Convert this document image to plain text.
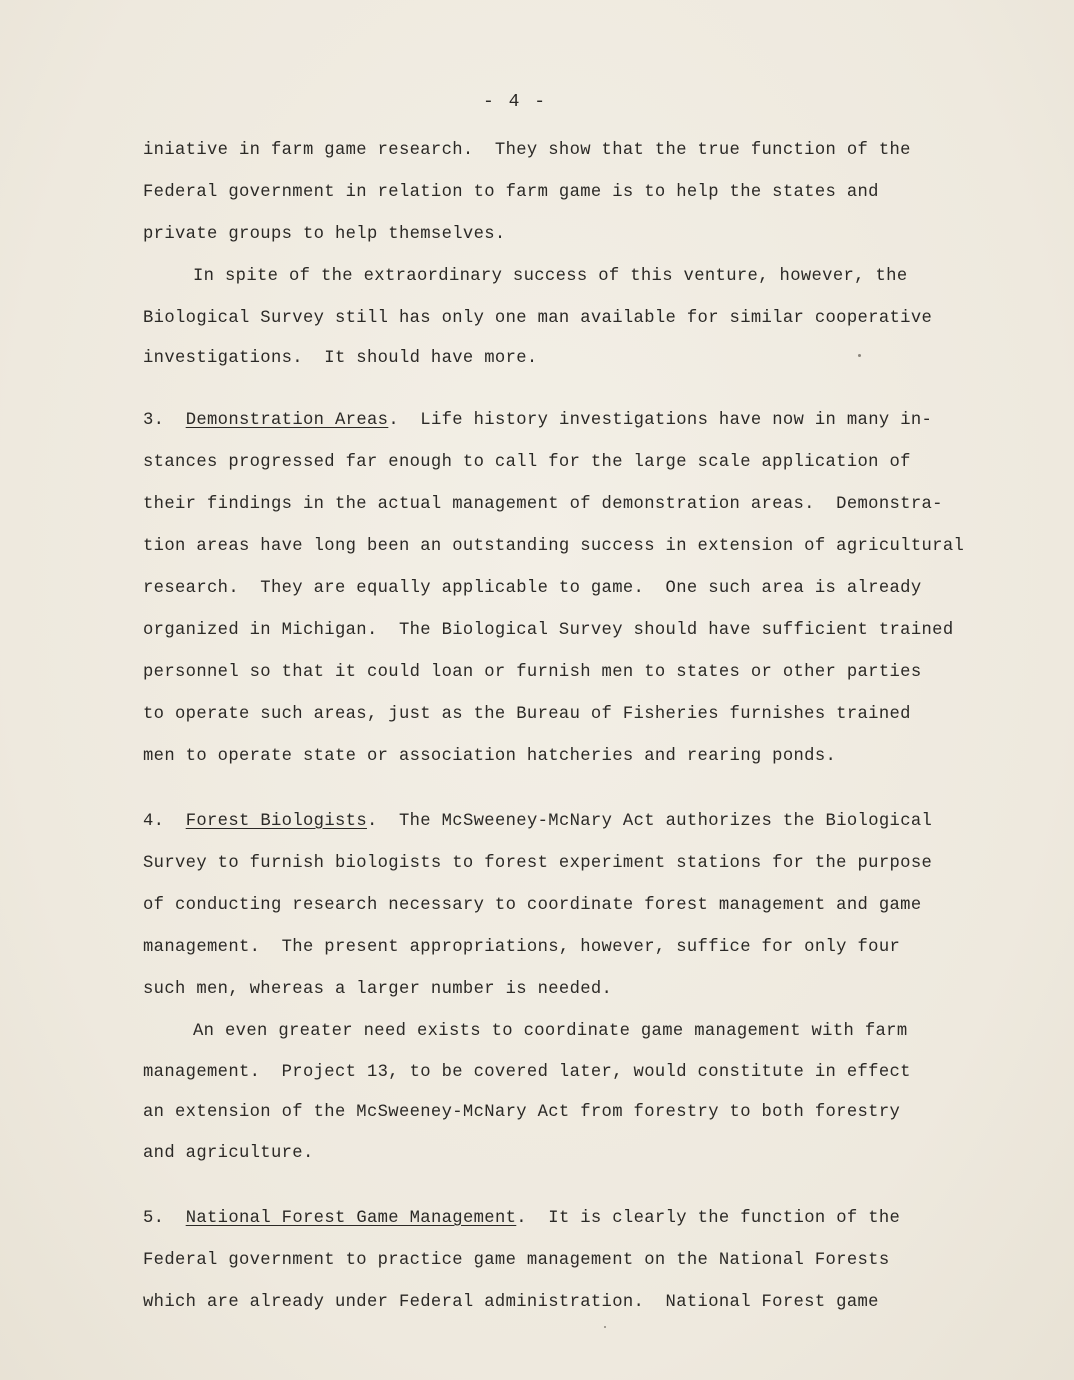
- 4 -
iniative in farm game research.  They show that the true function of the
Federal government in relation to farm game is to help the states and
private groups to help themselves.
In spite of the extraordinary success of this venture, however, the
Biological Survey still has only one man available for similar cooperative
investigations.  It should have more.
3. Demonstration Areas.  Life history investigations have now in many in-
stances progressed far enough to call for the large scale application of
their findings in the actual management of demonstration areas.  Demonstra-
tion areas have long been an outstanding success in extension of agricultural
research.  They are equally applicable to game.  One such area is already
organized in Michigan.  The Biological Survey should have sufficient trained
personnel so that it could loan or furnish men to states or other parties
to operate such areas, just as the Bureau of Fisheries furnishes trained
men to operate state or association hatcheries and rearing ponds.
4. Forest Biologists.  The McSweeney-McNary Act authorizes the Biological
Survey to furnish biologists to forest experiment stations for the purpose
of conducting research necessary to coordinate forest management and game
management.  The present appropriations, however, suffice for only four
such men, whereas a larger number is needed.
An even greater need exists to coordinate game management with farm
management.  Project 13, to be covered later, would constitute in effect
an extension of the McSweeney-McNary Act from forestry to both forestry
and agriculture.
5. National Forest Game Management.  It is clearly the function of the
Federal government to practice game management on the National Forests
which are already under Federal administration.  National Forest game
